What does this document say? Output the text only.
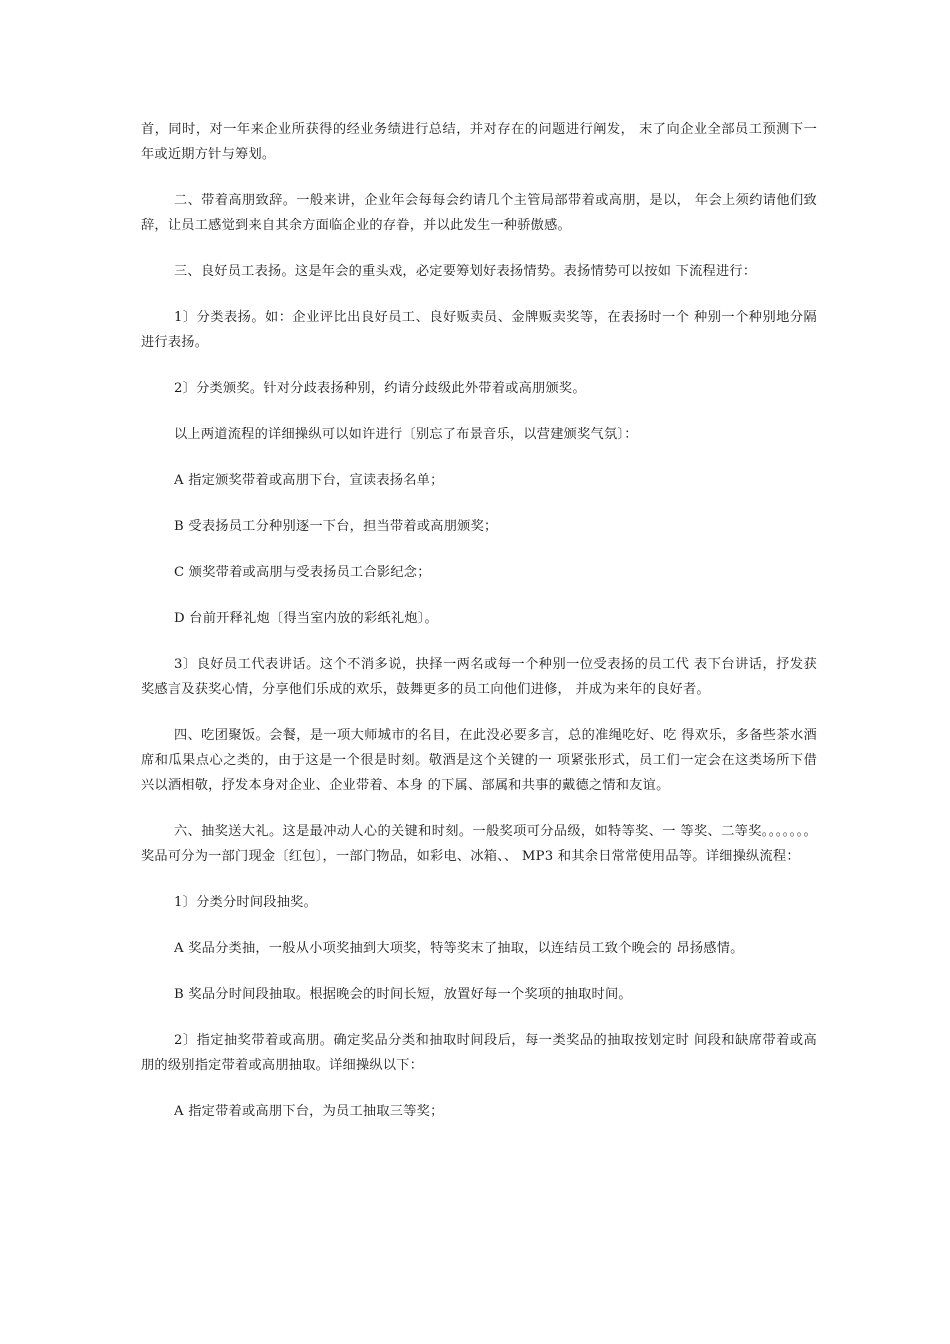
首，同时，对一年来企业所获得的经业务绩进行总结，并对存在的问题进行阐发， 末了向企业全部员工预测下一年或近期方针与筹划。

二、带着高朋致辞。一般来讲，企业年会每每会约请几个主管局部带着或高朋，是以， 年会上须约请他们致辞，让员工感觉到来自其余方面临企业的存眷，并以此发生一种骄傲感。

三、良好员工表扬。这是年会的重头戏，必定要筹划好表扬情势。表扬情势可以按如 下流程进行：

1〕分类表扬。如：企业评比出良好员工、良好贩卖员、金牌贩卖奖等，在表扬时一个 种别一个种别地分隔进行表扬。

2〕分类颁奖。针对分歧表扬种别，约请分歧级此外带着或高朋颁奖。

以上两道流程的详细操纵可以如许进行〔别忘了布景音乐，以营建颁奖气氛〕：

A 指定颁奖带着或高朋下台，宣读表扬名单；

B 受表扬员工分种别逐一下台，担当带着或高朋颁奖；

C 颁奖带着或高朋与受表扬员工合影纪念；

D 台前开释礼炮〔得当室内放的彩纸礼炮〕。

3〕良好员工代表讲话。这个不消多说，抉择一两名或每一个种别一位受表扬的员工代 表下台讲话，抒发获奖感言及获奖心情，分享他们乐成的欢乐，鼓舞更多的员工向他们进修， 并成为来年的良好者。

四、吃团聚饭。会餐，是一项大师城市的名目，在此没必要多言，总的准绳吃好、吃 得欢乐，多备些茶水酒席和瓜果点心之类的，由于这是一个很是时刻。敬酒是这个关键的一 项紧张形式，员工们一定会在这类场所下借兴以酒相敬，抒发本身对企业、企业带着、本身 的下属、部属和共事的戴德之情和友谊。

六、抽奖送大礼。这是最冲动人心的关键和时刻。一般奖项可分品级，如特等奖、一 等奖、二等奖。。。。。。。奖品可分为一部门现金〔红包〕，一部门物品，如彩电、冰箱、、 MP3 和其余日常常使用品等。详细操纵流程：

1〕分类分时间段抽奖。

A 奖品分类抽，一般从小项奖抽到大项奖，特等奖末了抽取，以连结员工致个晚会的 昂扬感情。

B 奖品分时间段抽取。根据晚会的时间长短，放置好每一个奖项的抽取时间。

2〕指定抽奖带着或高朋。确定奖品分类和抽取时间段后，每一类奖品的抽取按划定时 间段和缺席带着或高朋的级别指定带着或高朋抽取。详细操纵以下：

A 指定带着或高朋下台，为员工抽取三等奖；
